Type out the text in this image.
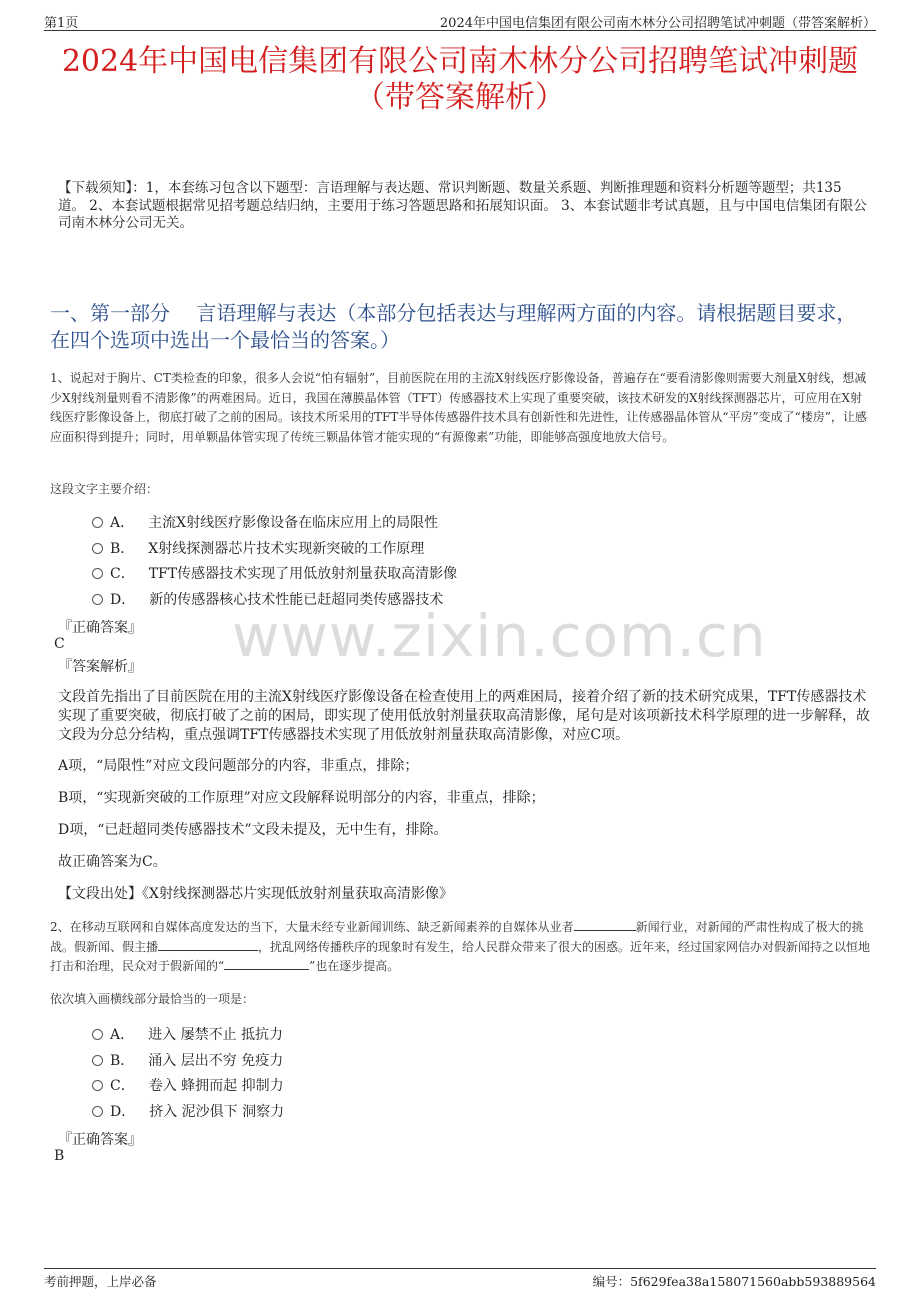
第1页	2024年中国电信集团有限公司南木林分公司招聘笔试冲刺题（带答案解析）
2024年中国电信集团有限公司南木林分公司招聘笔试冲刺题
（带答案解析）
【下载须知】：1，本套练习包含以下题型：言语理解与表达题、常识判断题、数量关系题、判断推理题和资料分析题等题型；共135道。 2、本套试题根据常见招考题总结归纳，主要用于练习答题思路和拓展知识面。 3、本套试题非考试真题，且与中国电信集团有限公司南木林分公司无关。
一、第一部分　 言语理解与表达（本部分包括表达与理解两方面的内容。请根据题目要求，在四个选项中选出一个最恰当的答案。）
1、说起对于胸片、CT类检查的印象，很多人会说“怕有辐射”，目前医院在用的主流X射线医疗影像设备，普遍存在“要看清影像则需要大剂量X射线，想减少X射线剂量则看不清影像”的两难困局。近日，我国在薄膜晶体管（TFT）传感器技术上实现了重要突破，该技术研发的X射线探测器芯片，可应用在X射线医疗影像设备上，彻底打破了之前的困局。该技术所采用的TFT半导体传感器件技术具有创新性和先进性，让传感器晶体管从“平房”变成了“楼房”，让感应面积得到提升；同时，用单颗晶体管实现了传统三颗晶体管才能实现的“有源像素”功能，即能够高强度地放大信号。
这段文字主要介绍：
A． 主流X射线医疗影像设备在临床应用上的局限性
B． X射线探测器芯片技术实现新突破的工作原理
C． TFT传感器技术实现了用低放射剂量获取高清影像
D． 新的传感器核心技术性能已赶超同类传感器技术
『正确答案』
C
『答案解析』
文段首先指出了目前医院在用的主流X射线医疗影像设备在检查使用上的两难困局，接着介绍了新的技术研究成果，TFT传感器技术实现了重要突破，彻底打破了之前的困局，即实现了使用低放射剂量获取高清影像，尾句是对该项新技术科学原理的进一步解释，故文段为分总分结构，重点强调TFT传感器技术实现了用低放射剂量获取高清影像，对应C项。
A项，“局限性”对应文段问题部分的内容，非重点，排除；
B项，“实现新突破的工作原理”对应文段解释说明部分的内容，非重点，排除；
D项，“已赶超同类传感器技术”文段未提及，无中生有，排除。
故正确答案为C。
【文段出处】《X射线探测器芯片实现低放射剂量获取高清影像》
2、在移动互联网和自媒体高度发达的当下，大量未经专业新闻训练、缺乏新闻素养的自媒体从业者	新闻行业，对新闻的严肃性构成了极大的挑战。假新闻、假主播	，扰乱网络传播秩序的现象时有发生，给人民群众带来了很大的困惑。近年来，经过国家网信办对假新闻持之以恒地打击和治理，民众对于假新闻的“	”也在逐步提高。
依次填入画横线部分最恰当的一项是：
A． 进入 屡禁不止 抵抗力
B． 涌入 层出不穷 免疫力
C． 卷入 蜂拥而起 抑制力
D． 挤入 泥沙俱下 洞察力
『正确答案』
B
www.zixin.com.cn
考前押题，上岸必备	编号：5f629fea38a158071560abb593889564
